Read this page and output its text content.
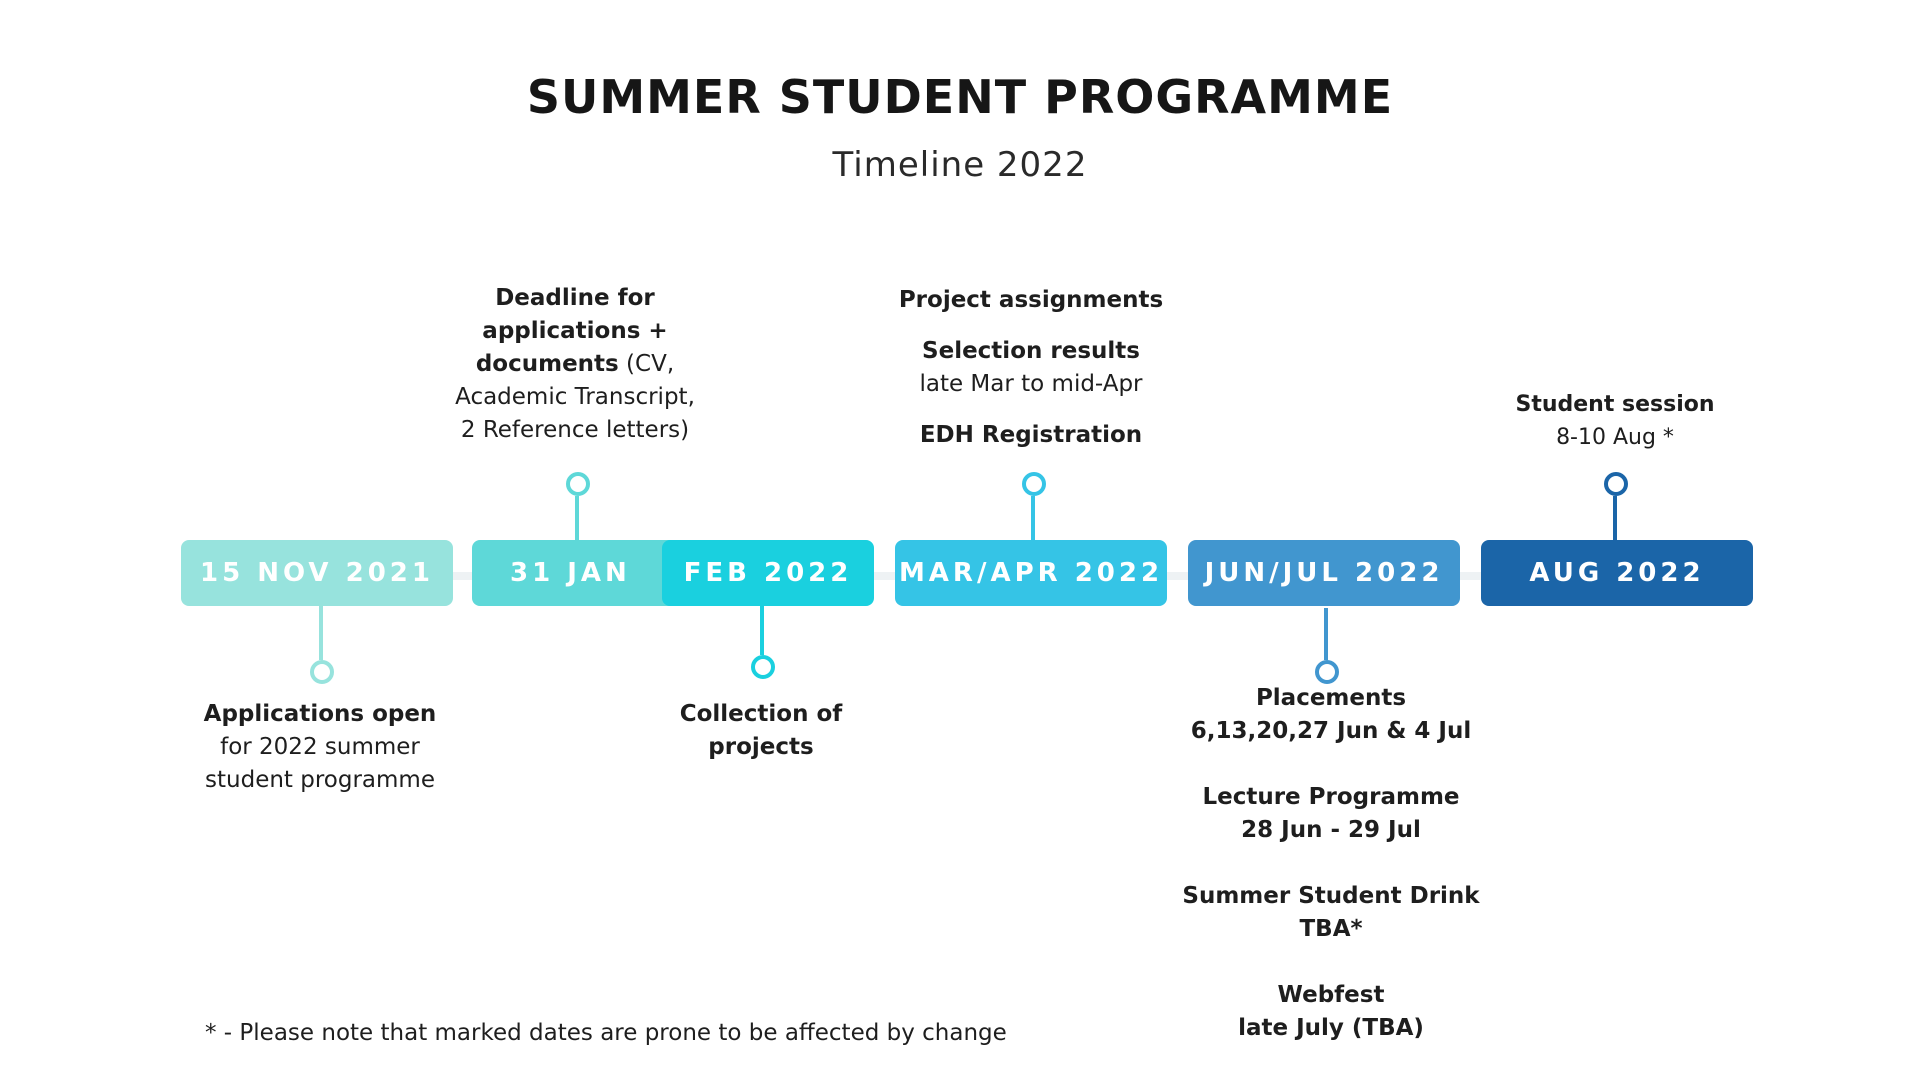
SUMMER STUDENT PROGRAMME
Timeline 2022
15 NOV 2021	31 JAN FEB 2022 MAR/APR 2022 JUN/JUL 2022	AUG 2022
Applications open
for 2022 summer
student programme
Deadline for
applications +
documents (CV,
Academic Transcript,
2 Reference letters)
Collection of
projects
Project assignments
Selection results
late Mar to mid-Apr
EDH Registration
Placements
6,13,20,27 Jun & 4 Jul
Lecture Programme
28 Jun - 29 Jul
Summer Student Drink
TBA*
Webfest
late July (TBA)
Student session
8-10 Aug *
* - Please note that marked dates are prone to be affected by change
